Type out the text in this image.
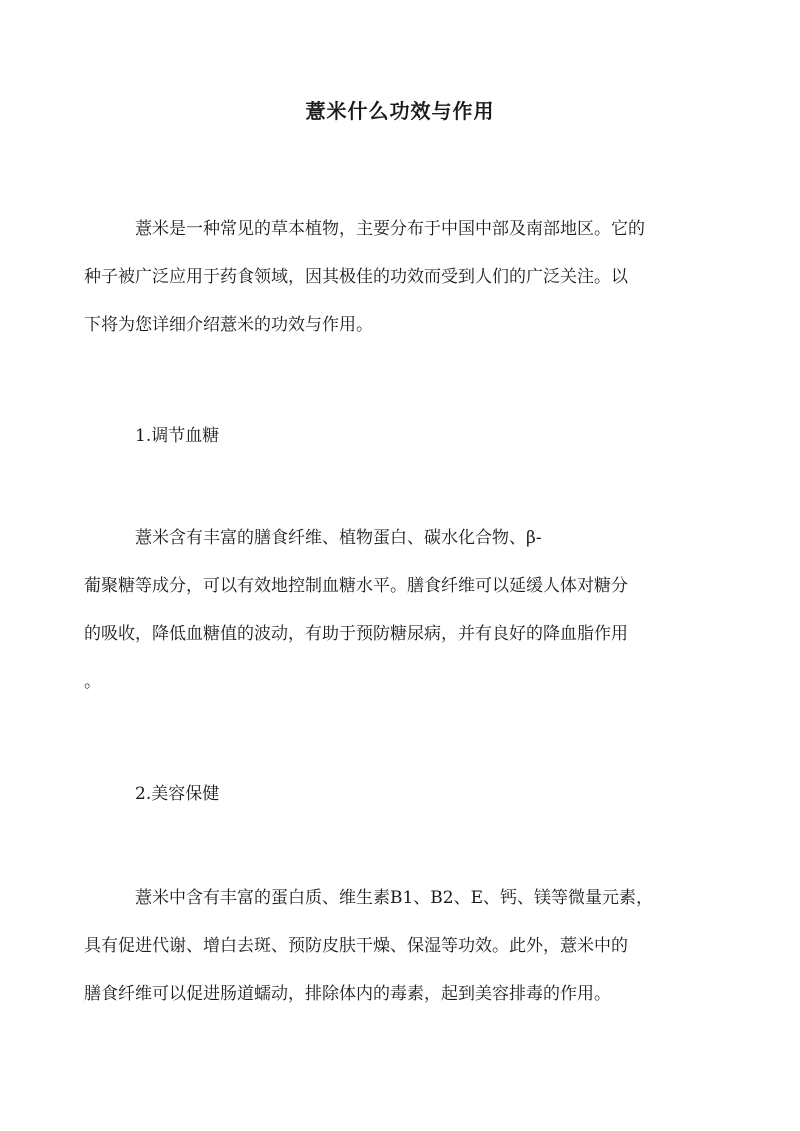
薏米什么功效与作用

薏米是一种常见的草本植物，主要分布于中国中部及南部地区。它的
种子被广泛应用于药食领域，因其极佳的功效而受到人们的广泛关注。以
下将为您详细介绍薏米的功效与作用。

1.调节血糖

薏米含有丰富的膳食纤维、植物蛋白、碳水化合物、β-
葡聚糖等成分，可以有效地控制血糖水平。膳食纤维可以延缓人体对糖分
的吸收，降低血糖值的波动，有助于预防糖尿病，并有良好的降血脂作用
。

2.美容保健

薏米中含有丰富的蛋白质、维生素B1、B2、E、钙、镁等微量元素，
具有促进代谢、增白去斑、预防皮肤干燥、保湿等功效。此外，薏米中的
膳食纤维可以促进肠道蠕动，排除体内的毒素，起到美容排毒的作用。
